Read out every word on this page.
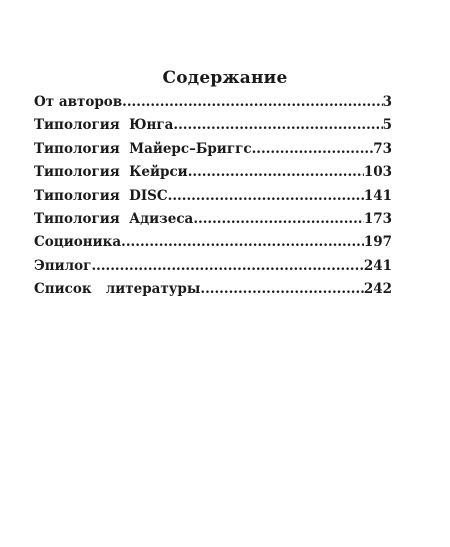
Содержание
От авторов .....	3
Типология  Юнга .....	5
Типология  Майерс–Бриггс .....	73
Типология  Кейрси .....	103
Типология  DISC .....	141
Типология  Адизеса .....	173
Соционика .....	197
Эпилог .....	241
Список   литературы .....	242
